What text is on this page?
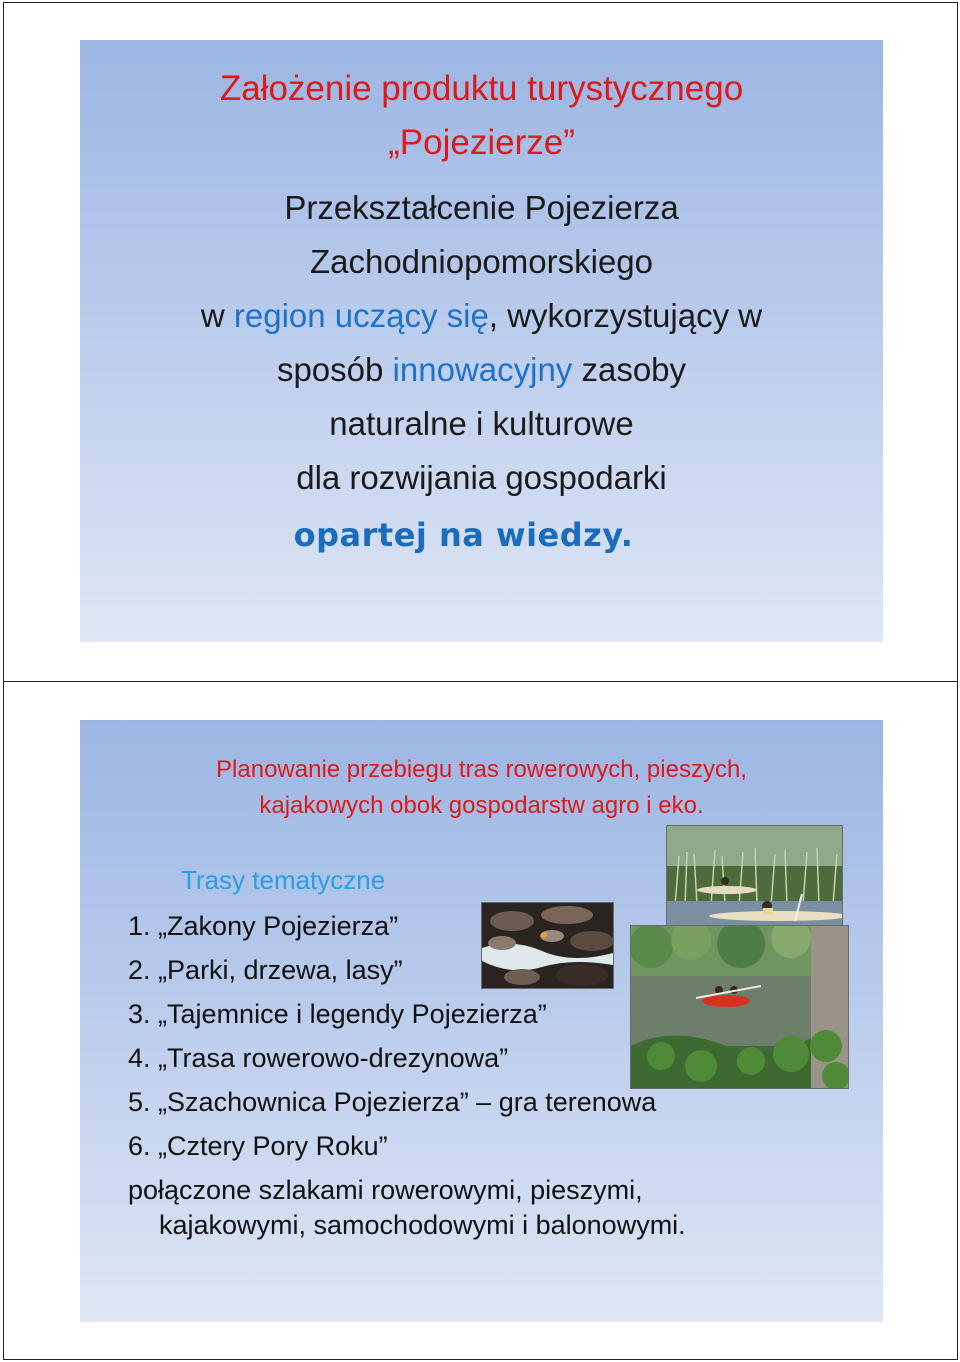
Założenie produktu turystycznego
„Pojezierze”
Przekształcenie Pojezierza
Zachodniopomorskiego
w region uczący się, wykorzystujący w
sposób innowacyjny zasoby
naturalne i kulturowe
dla rozwijania gospodarki
opartej na wiedzy.
Planowanie przebiegu tras rowerowych, pieszych,
kajakowych obok gospodarstw agro i eko.
Trasy tematyczne
1. „Zakony Pojezierza”
2. „Parki, drzewa, lasy”
3. „Tajemnice i legendy Pojezierza”
4. „Trasa rowerowo-drezynowa”
5. „Szachownica Pojezierza” – gra terenowa
6. „Cztery Pory Roku”
połączone szlakami rowerowymi, pieszymi,
kajakowymi, samochodowymi i balonowymi.
